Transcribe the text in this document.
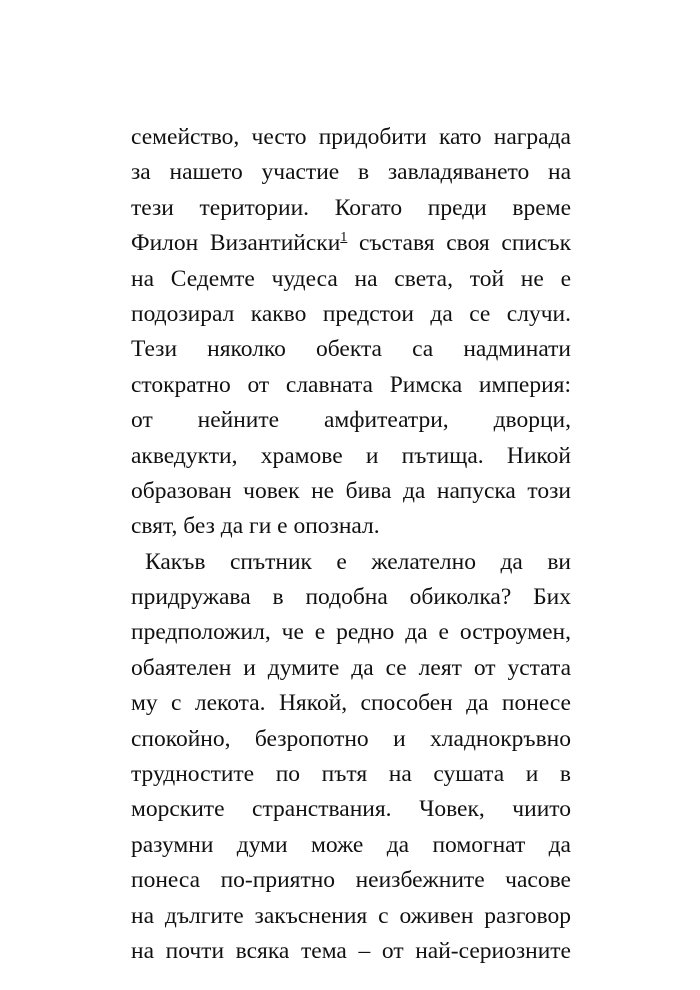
семейство, често придобити като награда
за нашето участие в завладяването на
тези територии. Когато преди време
Филон Византийски$^1$ съставя своя списък
на Седемте чудеса на света, той не е
подозирал какво предстои да се случи.
Тези няколко обекта са надминати
стократно от славната Римска империя:
от нейните амфитеатри, дворци,
акведукти, храмове и пътища. Никой
образован човек не бива да напуска този
свят, без да ги е опознал.
Какъв спътник е желателно да ви
придружава в подобна обиколка? Бих
предположил, че е редно да е остроумен,
обаятелен и думите да се леят от устата
му с лекота. Някой, способен да понесе
спокойно, безропотно и хладнокръвно
трудностите по пътя на сушата и в
морските странствания. Човек, чиито
разумни думи може да помогнат да
понеса по-приятно неизбежните часове
на дългите закъснения с оживен разговор
на почти всяка тема – от най-сериозните
